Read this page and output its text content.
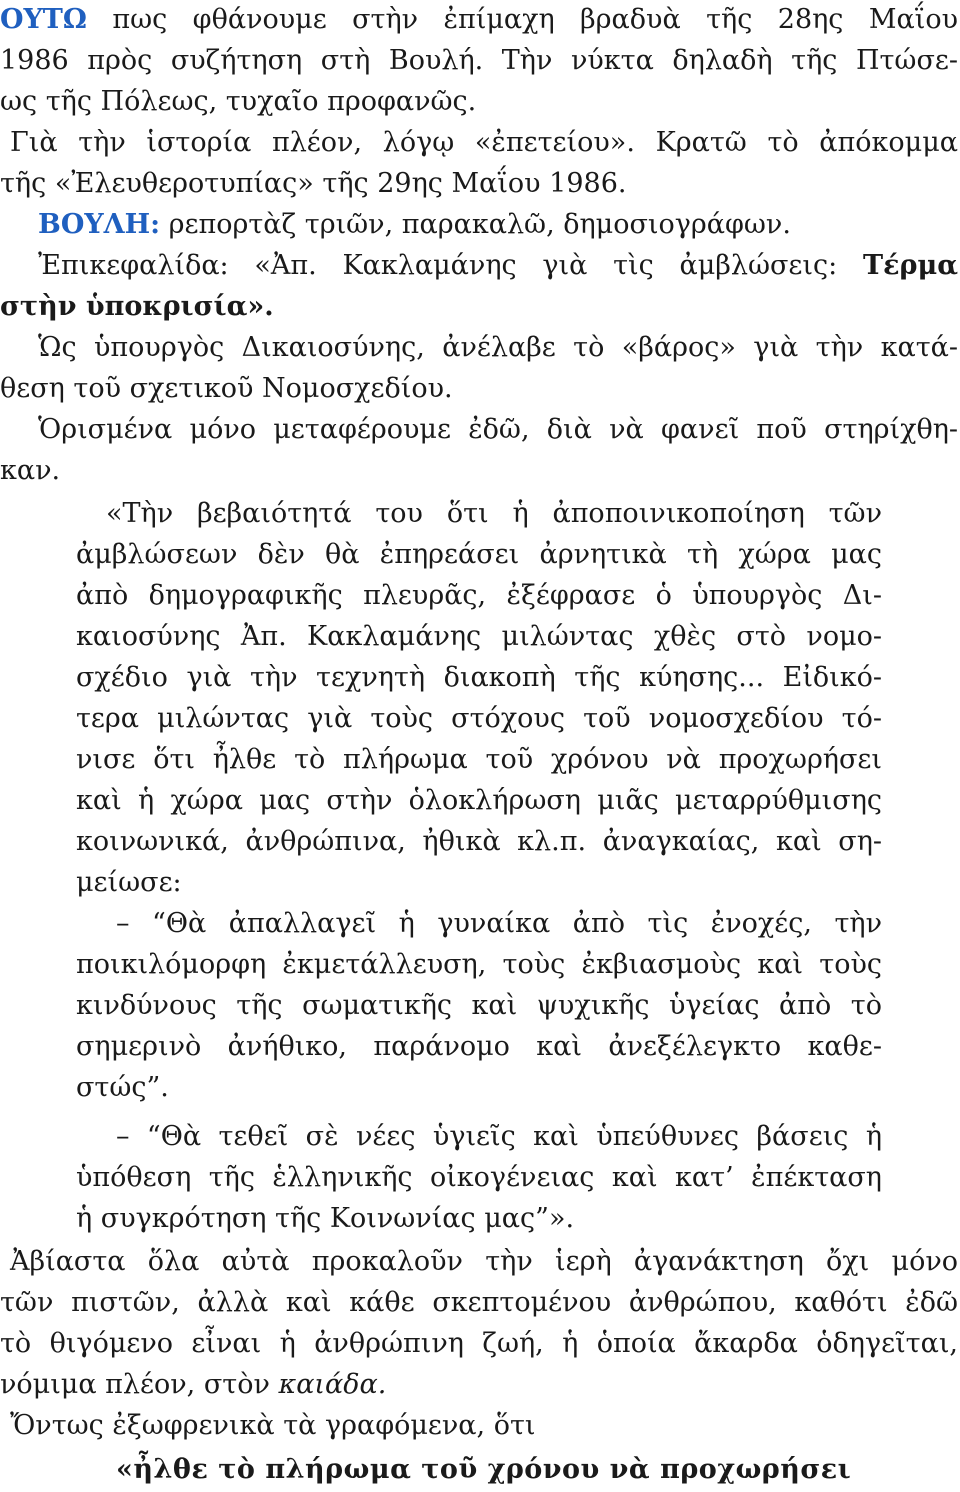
ΟΥΤΩ πως φθάνουμε στὴν ἐπίμαχη βραδυὰ τῆς 28ης Μαΐου
1986 πρὸς συζήτηση στὴ Βουλή. Τὴν νύκτα δηλαδὴ τῆς Πτώσε-
ως τῆς Πόλεως, τυχαῖο προφανῶς.
Γιὰ τὴν ἱστορία πλέον, λόγῳ «ἐπετείου». Κρατῶ τὸ ἀπόκομμα
τῆς «Ἐλευθεροτυπίας» τῆς 29ης Μαΐου 1986.
ΒΟΥΛΗ: ρεπορτὰζ τριῶν, παρακαλῶ, δημοσιογράφων.
Ἐπικεφαλίδα: «Ἀπ. Κακλαμάνης γιὰ τὶς ἀμβλώσεις: Τέρμα
στὴν ὑποκρισία».
Ὡς ὑπουργὸς Δικαιοσύνης, ἀνέλαβε τὸ «βάρος» γιὰ τὴν κατά-
θεση τοῦ σχετικοῦ Νομοσχεδίου.
Ὁρισμένα μόνο μεταφέρουμε ἐδῶ, διὰ νὰ φανεῖ ποῦ στηρίχθη-
καν.
«Τὴν βεβαιότητά του ὅτι ἡ ἀποποινικοποίηση τῶν
ἀμβλώσεων δὲν θὰ ἐπηρεάσει ἀρνητικὰ τὴ χώρα μας
ἀπὸ δημογραφικῆς πλευρᾶς, ἐξέφρασε ὁ ὑπουργὸς Δι-
καιοσύνης Ἀπ. Κακλαμάνης μιλώντας χθὲς στὸ νομο-
σχέδιο γιὰ τὴν τεχνητὴ διακοπὴ τῆς κύησης... Εἰδικό-
τερα μιλώντας γιὰ τοὺς στόχους τοῦ νομοσχεδίου τό-
νισε ὅτι ἦλθε τὸ πλήρωμα τοῦ χρόνου νὰ προχωρήσει
καὶ ἡ χώρα μας στὴν ὁλοκλήρωση μιᾶς μεταρρύθμισης
κοινωνικά, ἀνθρώπινα, ἠθικὰ κλ.π. ἀναγκαίας, καὶ ση-
μείωσε:
– “Θὰ ἀπαλλαγεῖ ἡ γυναίκα ἀπὸ τὶς ἐνοχές, τὴν
ποικιλόμορφη ἐκμετάλλευση, τοὺς ἐκβιασμοὺς καὶ τοὺς
κινδύνους τῆς σωματικῆς καὶ ψυχικῆς ὑγείας ἀπὸ τὸ
σημερινὸ ἀνήθικο, παράνομο καὶ ἀνεξέλεγκτο καθε-
στώς”.
– “Θὰ τεθεῖ σὲ νέες ὑγιεῖς καὶ ὑπεύθυνες βάσεις ἡ
ὑπόθεση τῆς ἑλληνικῆς οἰκογένειας καὶ κατ’ ἐπέκταση
ἡ συγκρότηση τῆς Κοινωνίας μας”».
Ἀβίαστα ὅλα αὐτὰ προκαλοῦν τὴν ἱερὴ ἀγανάκτηση ὄχι μόνο
τῶν πιστῶν, ἀλλὰ καὶ κάθε σκεπτομένου ἀνθρώπου, καθότι ἐδῶ
τὸ θιγόμενο εἶναι ἡ ἀνθρώπινη ζωή, ἡ ὁποία ἄκαρδα ὁδηγεῖται,
νόμιμα πλέον, στὸν καιάδα.
Ὄντως ἐξωφρενικὰ τὰ γραφόμενα, ὅτι
«ἦλθε τὸ πλήρωμα τοῦ χρόνου νὰ προχωρήσει
